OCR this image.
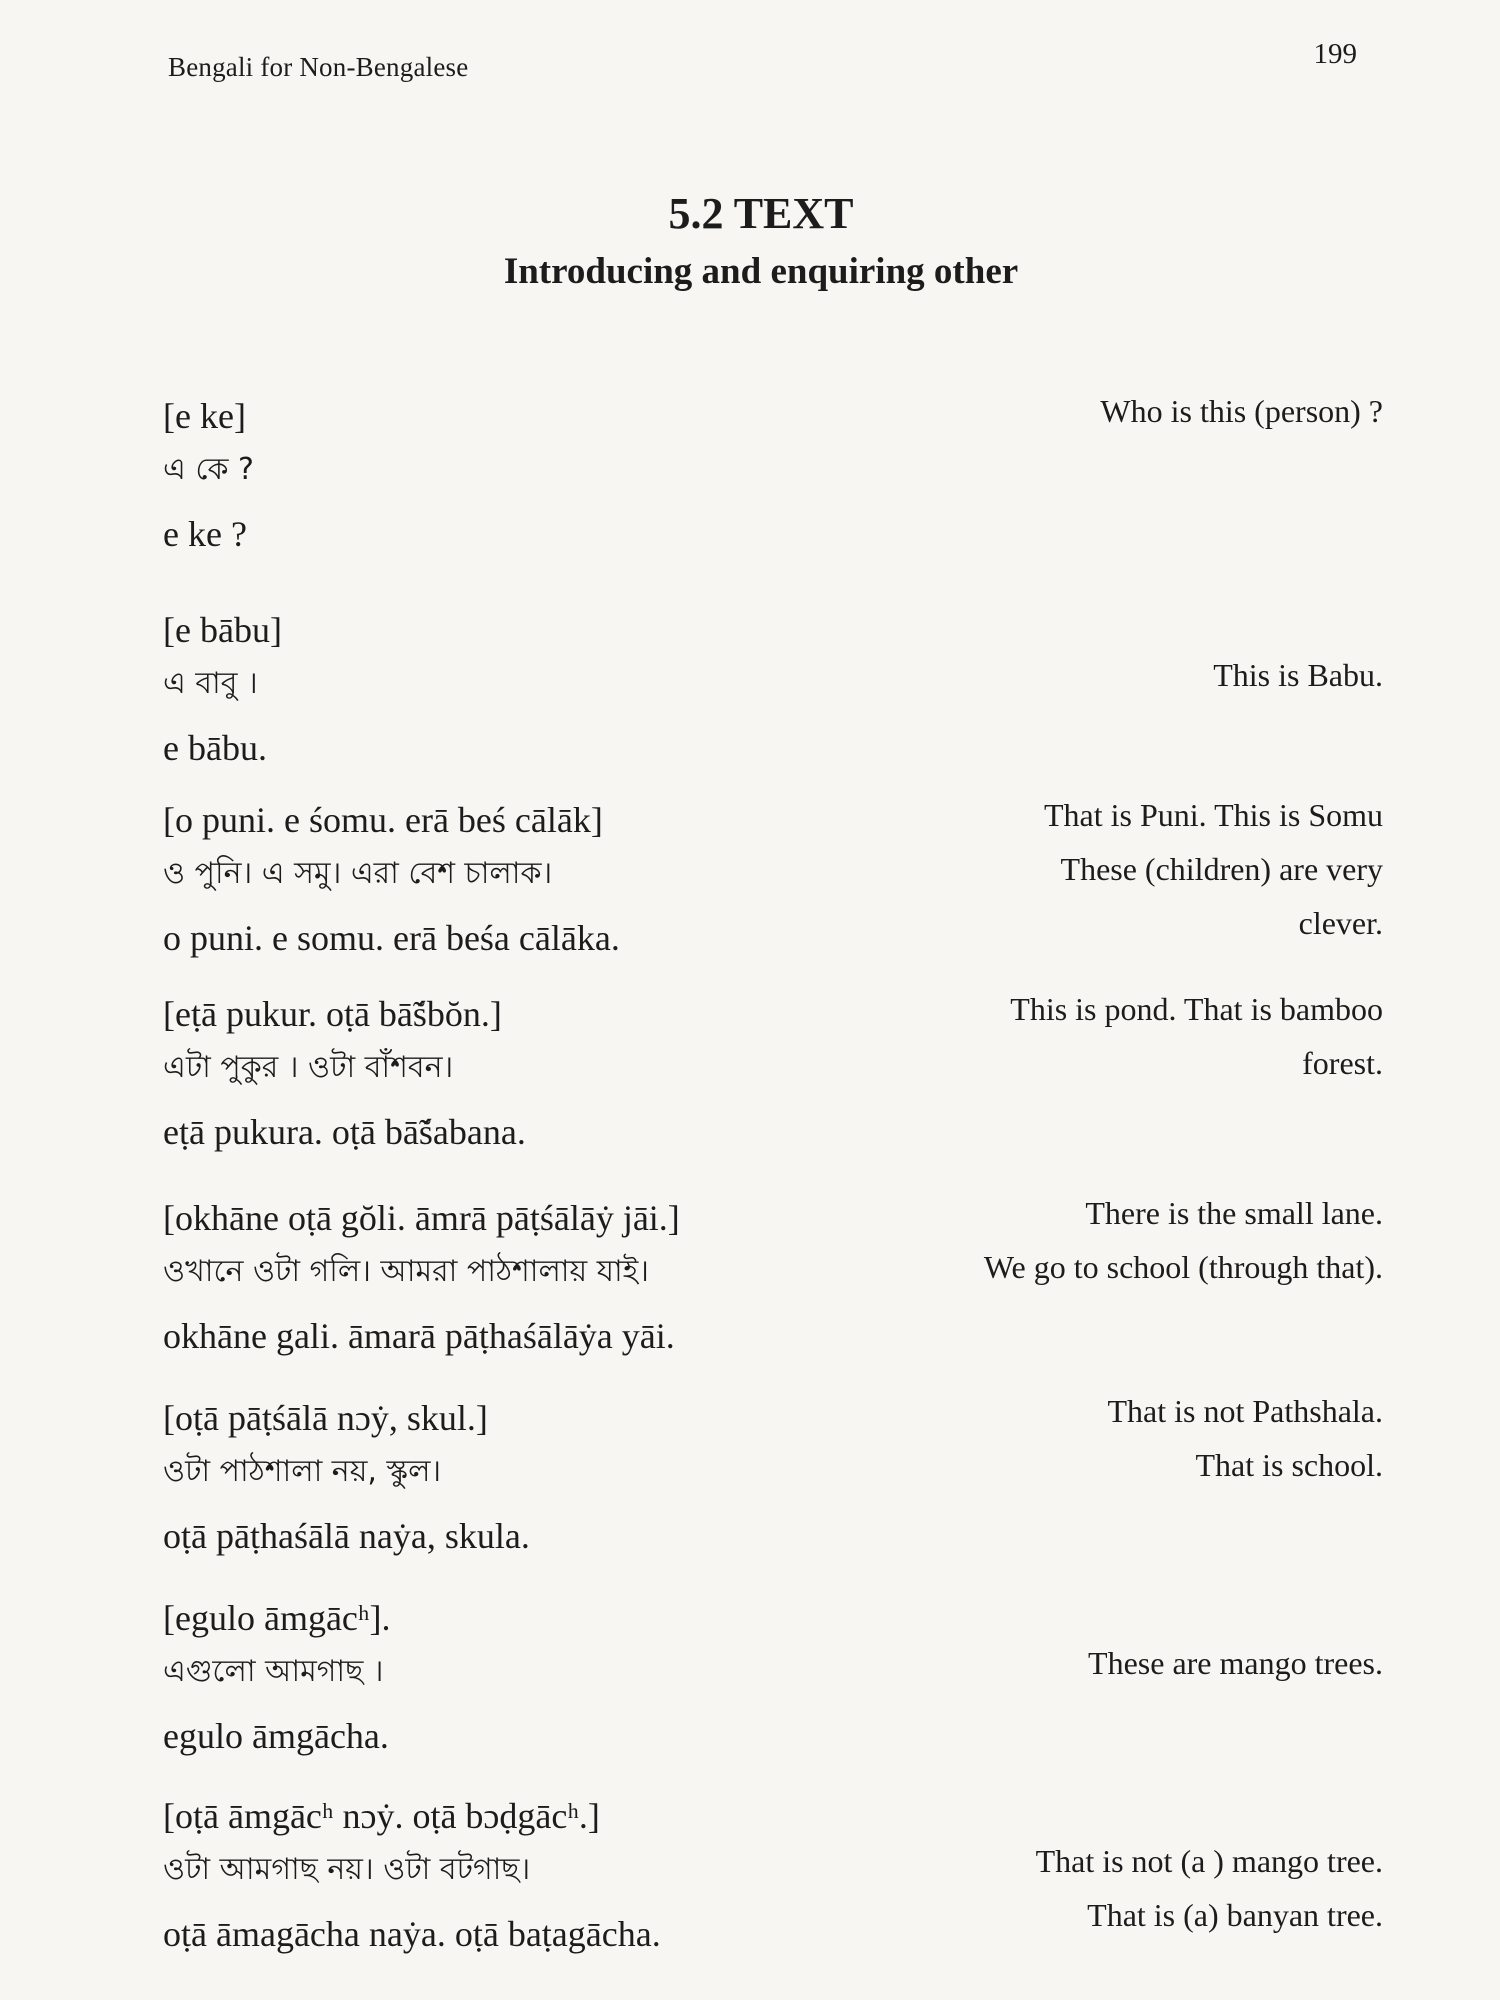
Bengali for Non-Bengalese	199
5.2 TEXT
Introducing and enquiring other
[e ke]
এ কে ?
e ke ?
Who is this (person) ?
[e bābu]
এ বাবু ।
e bābu.
This is Babu.
[o puni. e śomu. erā beś cālāk]
ও পুনি। এ সমু। এরা বেশ চালাক।
o puni. e somu. erā beśa cālāka.
That is Puni. This is Somu
These (children) are very
clever.
[eṭā pukur. oṭā bā̃śbŏn.]
এটা পুকুর । ওটা বাঁশবন।
eṭā pukura. oṭā bā̃śabana.
This is pond. That is bamboo
forest.
[okhāne oṭā gŏli. āmrā pāṭśālāẏ jāi.]
ওখানে ওটা গলি। আমরা পাঠশালায় যাই।
okhāne gali. āmarā pāṭhaśālāẏa yāi.
There is the small lane.
We go to school (through that).
[oṭā pāṭśālā nɔẏ, skul.]
ওটা পাঠশালা নয়, স্কুল।
oṭā pāṭhaśālā naẏa, skula.
That is not Pathshala.
That is school.
[egulo āmgācʰ].
এগুলো আমগাছ ।
egulo āmgācha.
These are mango trees.
[oṭā āmgācʰ nɔẏ. oṭā bɔḍgācʰ.]
ওটা আমগাছ নয়। ওটা বটগাছ।
oṭā āmagācha naẏa. oṭā baṭagācha.
That is not (a ) mango tree.
That is (a) banyan tree.
